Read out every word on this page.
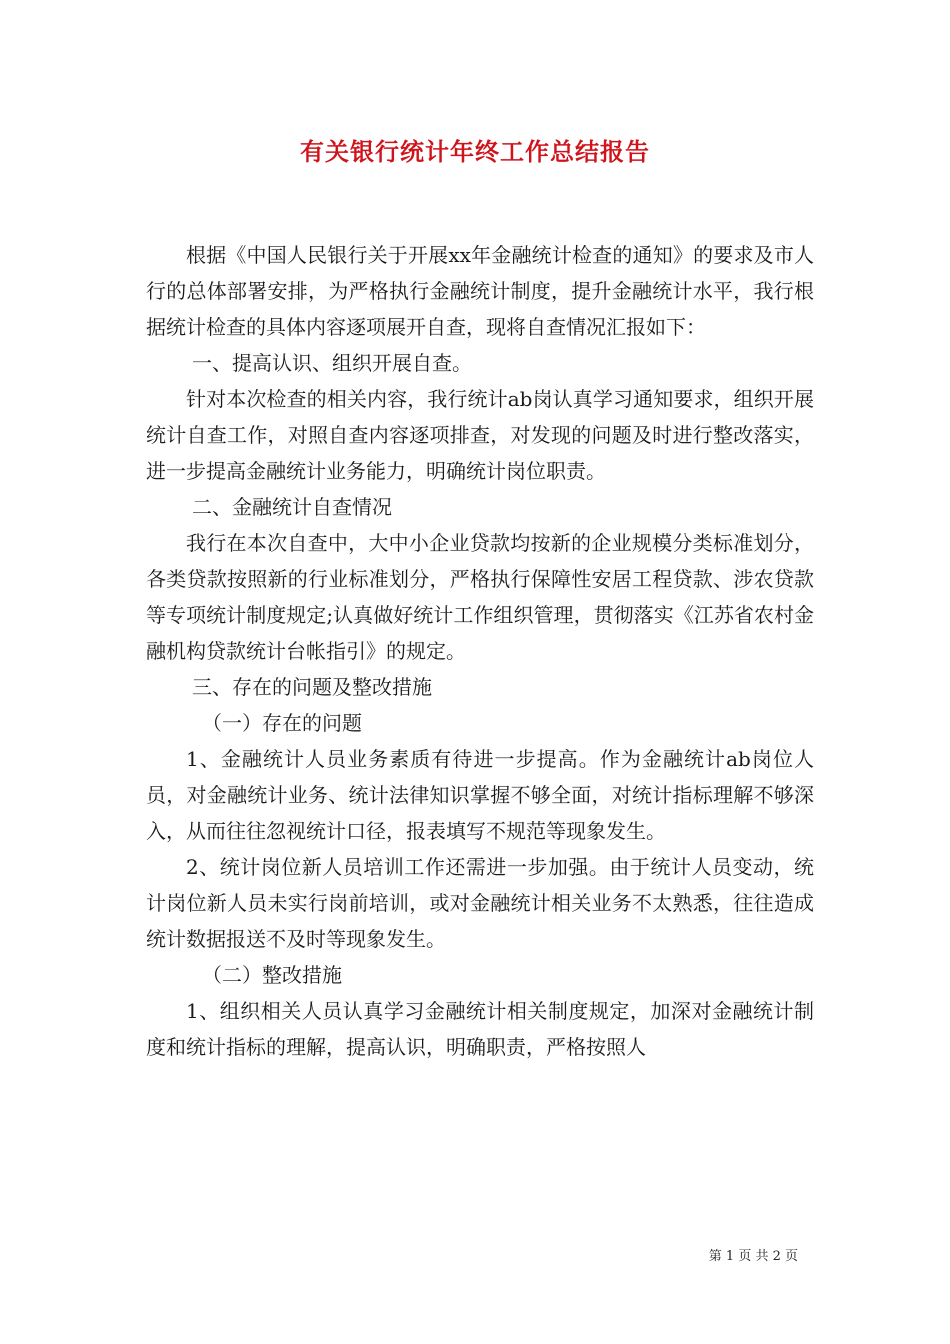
有关银行统计年终工作总结报告

根据《中国人民银行关于开展xx年金融统计检查的通知》的要求及市人行的总体部署安排，为严格执行金融统计制度，提升金融统计水平，我行根据统计检查的具体内容逐项展开自查，现将自查情况汇报如下：

一、提高认识、组织开展自查。

针对本次检查的相关内容，我行统计ab岗认真学习通知要求，组织开展统计自查工作，对照自查内容逐项排查，对发现的问题及时进行整改落实，进一步提高金融统计业务能力，明确统计岗位职责。

二、金融统计自查情况

我行在本次自查中，大中小企业贷款均按新的企业规模分类标准划分，各类贷款按照新的行业标准划分，严格执行保障性安居工程贷款、涉农贷款等专项统计制度规定;认真做好统计工作组织管理，贯彻落实《江苏省农村金融机构贷款统计台帐指引》的规定。

三、存在的问题及整改措施

（一）存在的问题

1、金融统计人员业务素质有待进一步提高。作为金融统计ab岗位人员，对金融统计业务、统计法律知识掌握不够全面，对统计指标理解不够深入，从而往往忽视统计口径，报表填写不规范等现象发生。

2、统计岗位新人员培训工作还需进一步加强。由于统计人员变动，统计岗位新人员未实行岗前培训，或对金融统计相关业务不太熟悉，往往造成统计数据报送不及时等现象发生。

（二）整改措施

1、组织相关人员认真学习金融统计相关制度规定，加深对金融统计制度和统计指标的理解，提高认识，明确职责，严格按照人

第 1 页 共 2 页
